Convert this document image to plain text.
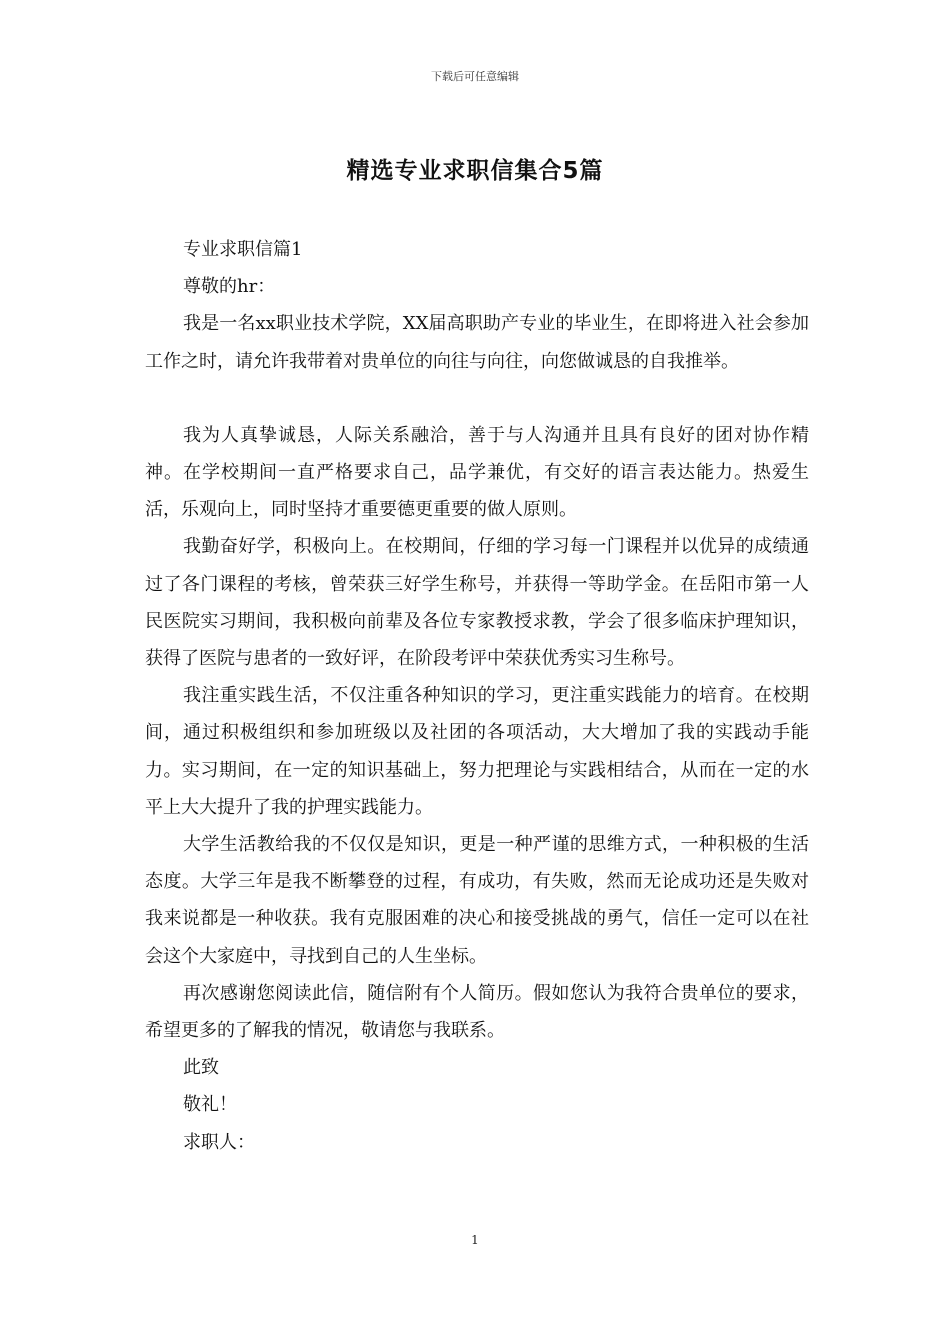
下载后可任意编辑
精选专业求职信集合5篇

专业求职信篇1

尊敬的hr：

我是一名xx职业技术学院，XX届高职助产专业的毕业生，在即将进入社会参加工作之时，请允许我带着对贵单位的向往与向往，向您做诚恳的自我推举。

我为人真挚诚恳，人际关系融洽，善于与人沟通并且具有良好的团对协作精神。在学校期间一直严格要求自己，品学兼优，有交好的语言表达能力。热爱生活，乐观向上，同时坚持才重要德更重要的做人原则。

我勤奋好学，积极向上。在校期间，仔细的学习每一门课程并以优异的成绩通过了各门课程的考核，曾荣获三好学生称号，并获得一等助学金。在岳阳市第一人民医院实习期间，我积极向前辈及各位专家教授求教，学会了很多临床护理知识，获得了医院与患者的一致好评，在阶段考评中荣获优秀实习生称号。

我注重实践生活，不仅注重各种知识的学习，更注重实践能力的培育。在校期间，通过积极组织和参加班级以及社团的各项活动，大大增加了我的实践动手能力。实习期间，在一定的知识基础上，努力把理论与实践相结合，从而在一定的水平上大大提升了我的护理实践能力。

大学生活教给我的不仅仅是知识，更是一种严谨的思维方式，一种积极的生活态度。大学三年是我不断攀登的过程，有成功，有失败，然而无论成功还是失败对我来说都是一种收获。我有克服困难的决心和接受挑战的勇气，信任一定可以在社会这个大家庭中，寻找到自己的人生坐标。

再次感谢您阅读此信，随信附有个人简历。假如您认为我符合贵单位的要求，希望更多的了解我的情况，敬请您与我联系。

此致

敬礼！

求职人：

1
